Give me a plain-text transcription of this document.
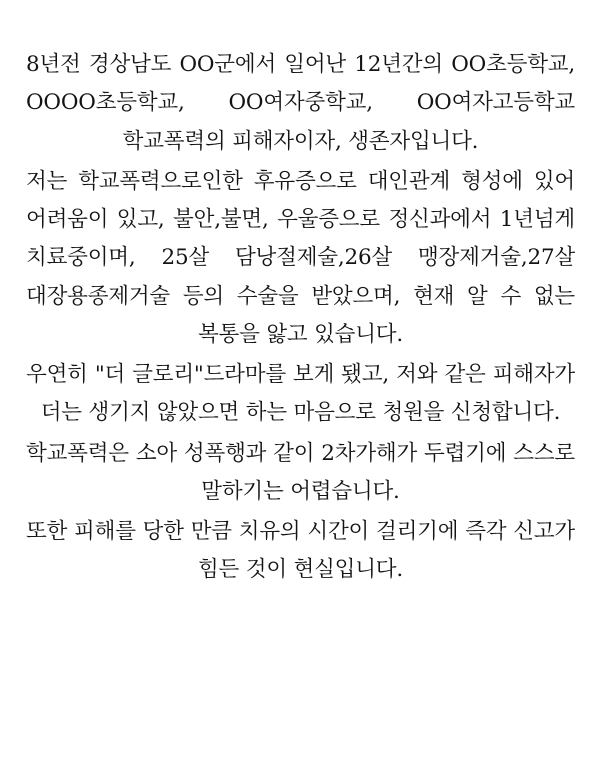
8년전 경상남도 OO군에서 일어난 12년간의 OO초등학교, OOOO초등학교, OO여자중학교, OO여자고등학교 학교폭력의 피해자이자, 생존자입니다.

저는 학교폭력으로인한 후유증으로 대인관계 형성에 있어 어려움이 있고, 불안,불면, 우울증으로 정신과에서 1년넘게 치료중이며, 25살 담낭절제술,26살 맹장제거술,27살 대장용종제거술 등의 수술을 받았으며, 현재 알 수 없는 복통을 앓고 있습니다.

우연히 "더 글로리"드라마를 보게 됐고, 저와 같은 피해자가 더는 생기지 않았으면 하는 마음으로 청원을 신청합니다.

학교폭력은 소아 성폭행과 같이 2차가해가 두렵기에 스스로 말하기는 어렵습니다.

또한 피해를 당한 만큼 치유의 시간이 걸리기에 즉각 신고가 힘든 것이 현실입니다.
